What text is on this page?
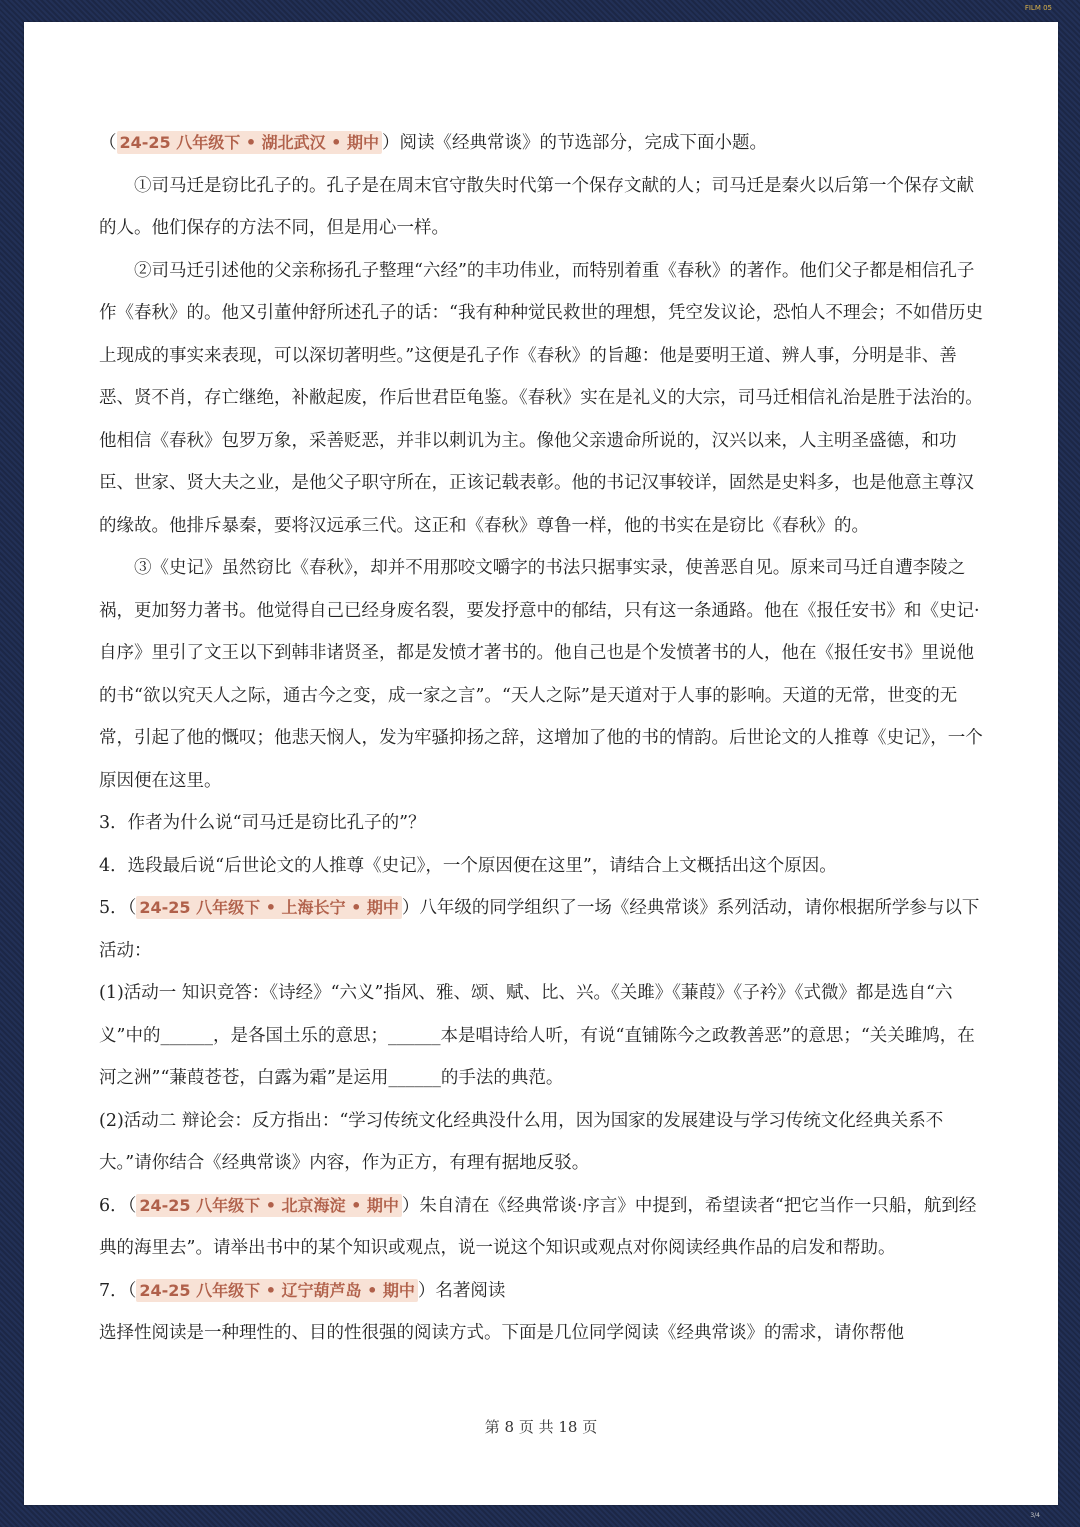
FILM 05

（ 24-25 八年级下 • 湖北武汉 • 期中 ）阅读《经典常谈》的节选部分，完成下面小题。

①司马迁是窃比孔子的。孔子是在周末官守散失时代第一个保存文献的人；司马迁是秦火以后第一个保存文献的人。他们保存的方法不同，但是用心一样。

②司马迁引述他的父亲称扬孔子整理“六经”的丰功伟业，而特别着重《春秋》的著作。他们父子都是相信孔子作《春秋》的。他又引董仲舒所述孔子的话：“我有种种觉民救世的理想，凭空发议论，恐怕人不理会；不如借历史上现成的事实来表现，可以深切著明些。”这便是孔子作《春秋》的旨趣：他是要明王道、辨人事，分明是非、善恶、贤不肖，存亡继绝，补敝起废，作后世君臣龟鉴。《春秋》实在是礼义的大宗，司马迁相信礼治是胜于法治的。他相信《春秋》包罗万象，采善贬恶，并非以刺讥为主。像他父亲遗命所说的，汉兴以来，人主明圣盛德，和功臣、世家、贤大夫之业，是他父子职守所在，正该记载表彰。他的书记汉事较详，固然是史料多，也是他意主尊汉的缘故。他排斥暴秦，要将汉远承三代。这正和《春秋》尊鲁一样，他的书实在是窃比《春秋》的。

③《史记》虽然窃比《春秋》，却并不用那咬文嚼字的书法只据事实录，使善恶自见。原来司马迁自遭李陵之祸，更加努力著书。他觉得自己已经身废名裂，要发抒意中的郁结，只有这一条通路。他在《报任安书》和《史记·自序》里引了文王以下到韩非诸贤圣，都是发愤才著书的。他自己也是个发愤著书的人，他在《报任安书》里说他的书“欲以究天人之际，通古今之变，成一家之言”。“天人之际”是天道对于人事的影响。天道的无常，世变的无常，引起了他的慨叹；他悲天悯人，发为牢骚抑扬之辞，这增加了他的书的情韵。后世论文的人推尊《史记》，一个原因便在这里。

3．作者为什么说“司马迁是窃比孔子的”？

4．选段最后说“后世论文的人推尊《史记》，一个原因便在这里”，请结合上文概括出这个原因。

5．（ 24-25 八年级下 • 上海长宁 • 期中 ）八年级的同学组织了一场《经典常谈》系列活动，请你根据所学参与以下活动：

(1)活动一 知识竞答：《诗经》“六义”指风、雅、颂、赋、比、兴。《关雎》《蒹葭》《子衿》《式微》都是选自“六义”中的______，是各国土乐的意思；______本是唱诗给人听，有说“直铺陈今之政教善恶”的意思；“关关雎鸠，在河之洲”“蒹葭苍苍，白露为霜”是运用______的手法的典范。

(2)活动二 辩论会：反方指出：“学习传统文化经典没什么用，因为国家的发展建设与学习传统文化经典关系不大。”请你结合《经典常谈》内容，作为正方，有理有据地反驳。

6．（ 24-25 八年级下 • 北京海淀 • 期中 ）朱自清在《经典常谈·序言》中提到，希望读者“把它当作一只船，航到经典的海里去”。请举出书中的某个知识或观点，说一说这个知识或观点对你阅读经典作品的启发和帮助。

7．（ 24-25 八年级下 • 辽宁葫芦岛 • 期中 ）名著阅读

选择性阅读是一种理性的、目的性很强的阅读方式。下面是几位同学阅读《经典常谈》的需求，请你帮他

第 8 页 共 18 页
3/4
